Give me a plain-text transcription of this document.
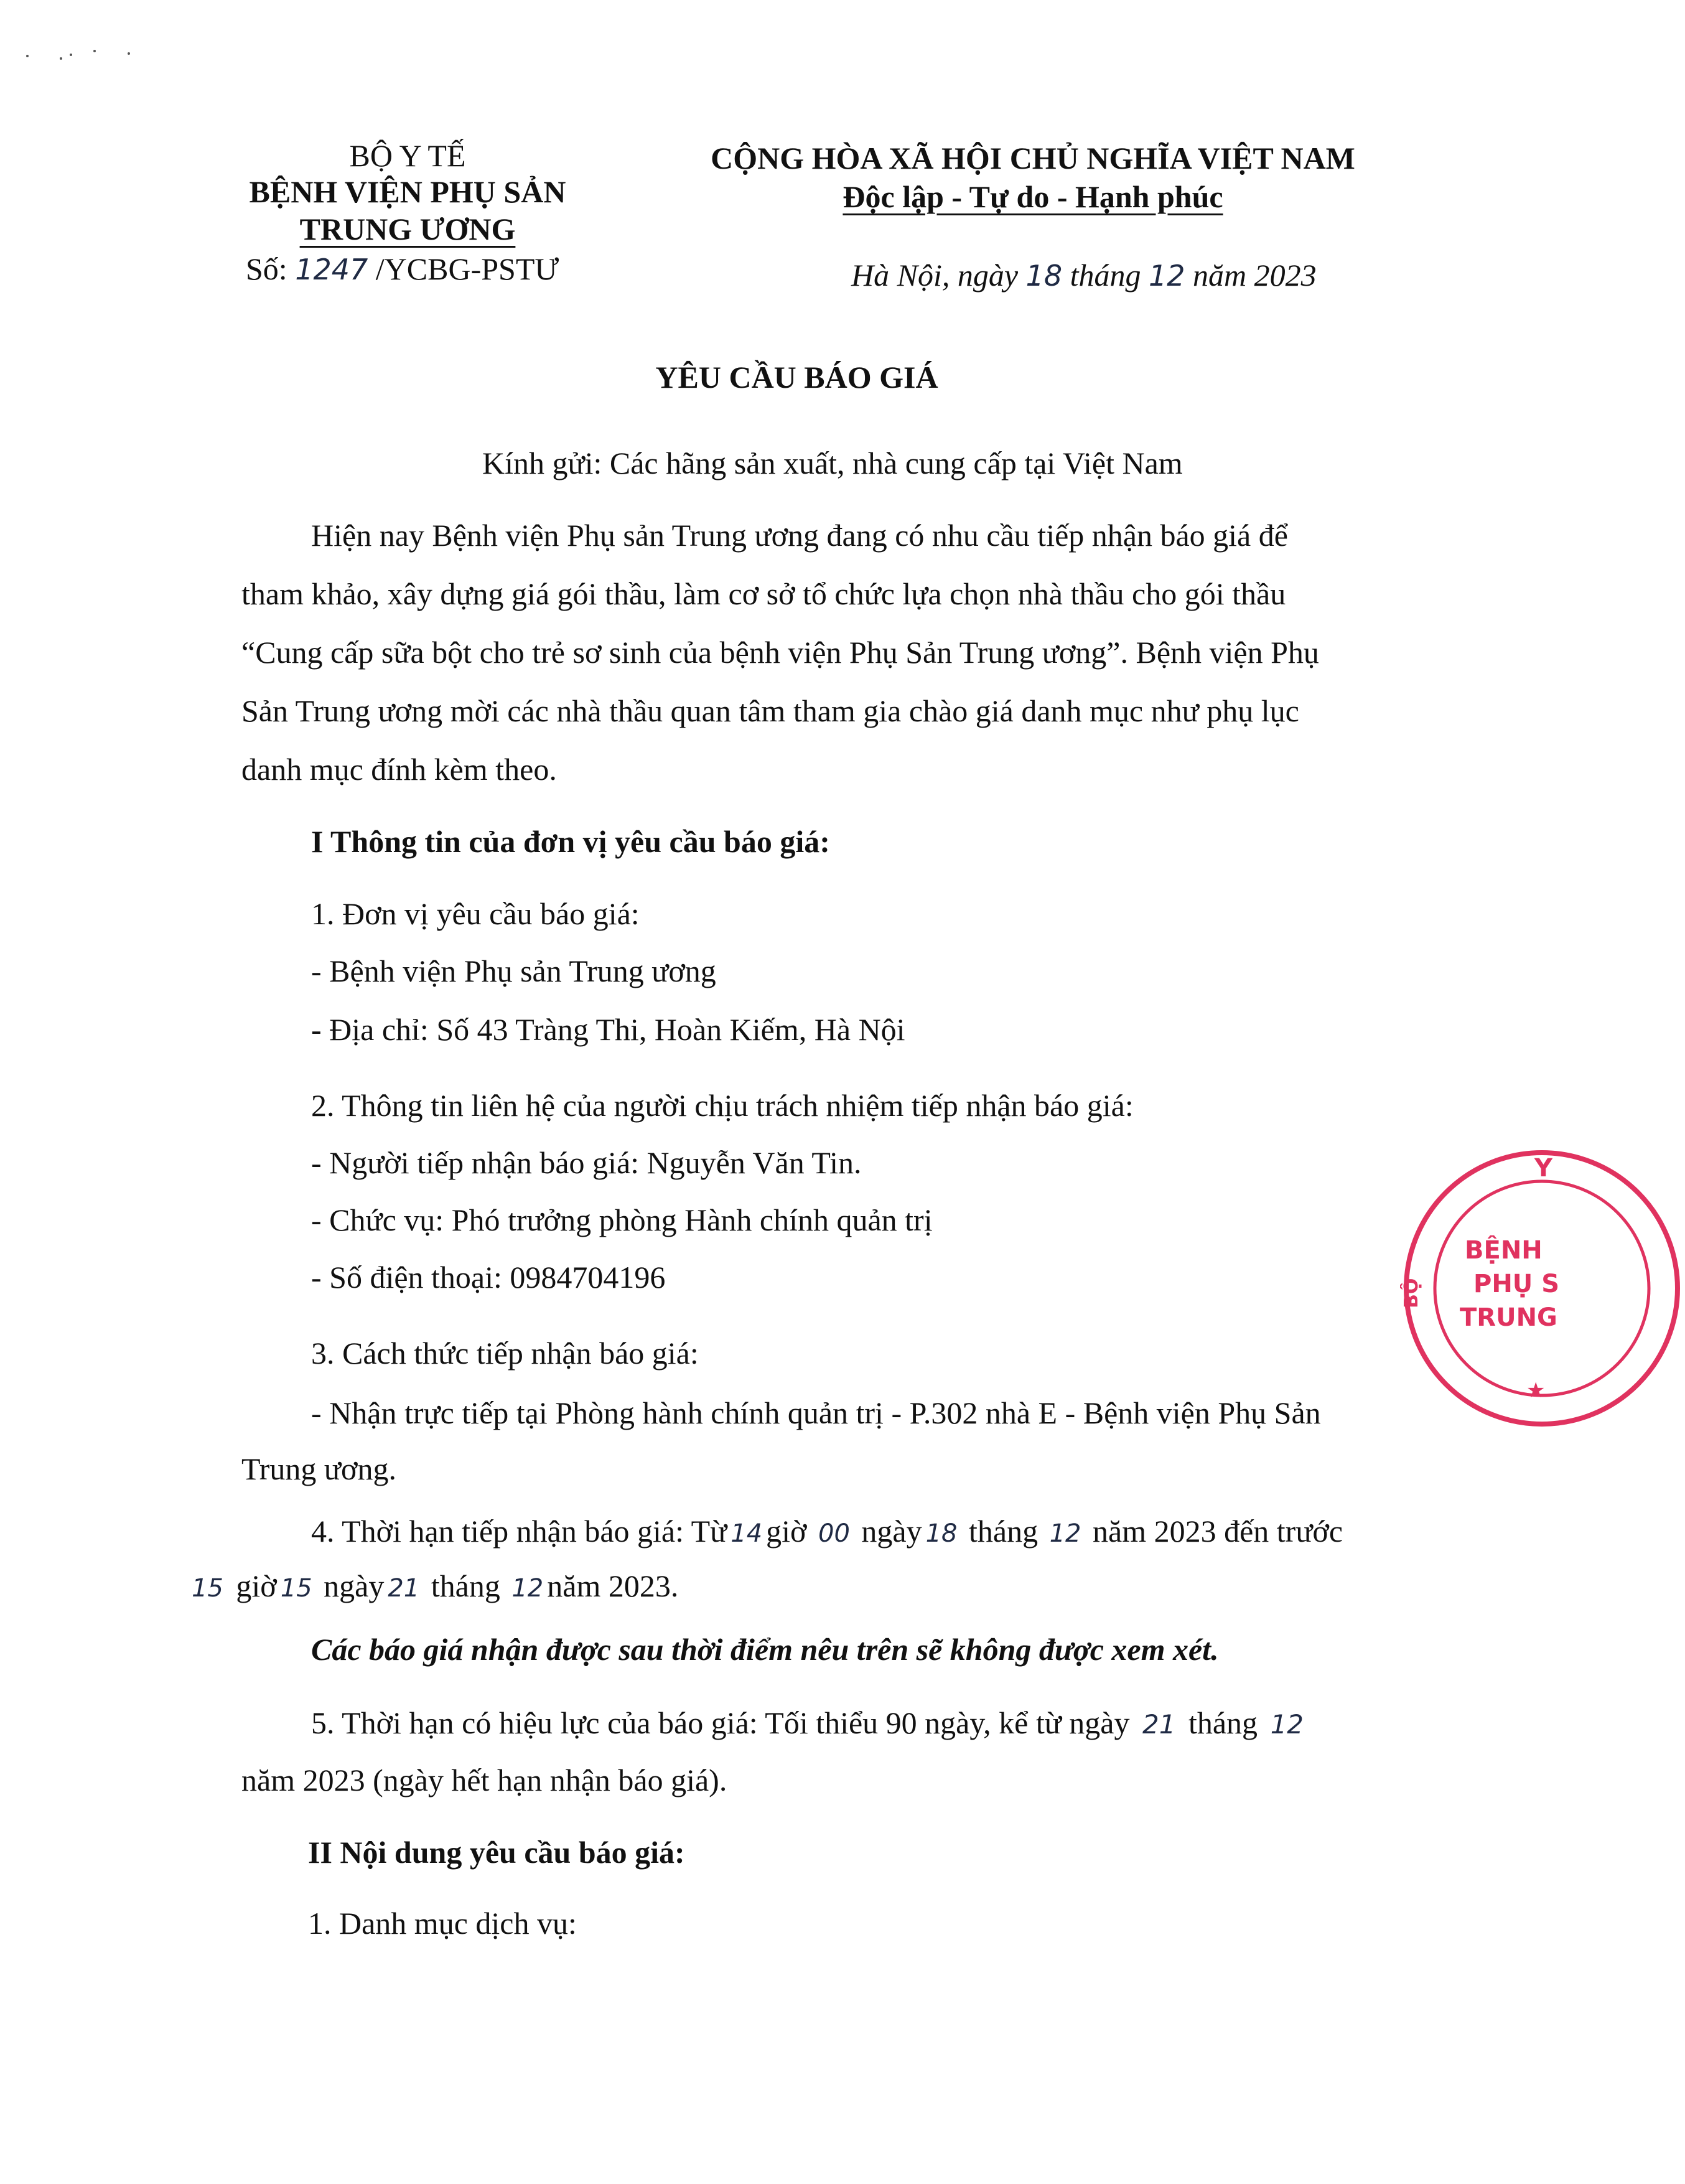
BỘ Y TẾ
BỆNH VIỆN PHỤ SẢN
TRUNG ƯƠNG
Số: 1247 /YCBG-PSTƯ
CỘNG HÒA XÃ HỘI CHỦ NGHĨA VIỆT NAM
Độc lập - Tự do - Hạnh phúc
Hà Nội, ngày 18 tháng 12 năm 2023
YÊU CẦU BÁO GIÁ
Kính gửi: Các hãng sản xuất, nhà cung cấp tại Việt Nam
Hiện nay Bệnh viện Phụ sản Trung ương đang có nhu cầu tiếp nhận báo giá để
tham khảo, xây dựng giá gói thầu, làm cơ sở tổ chức lựa chọn nhà thầu cho gói thầu
“Cung cấp sữa bột cho trẻ sơ sinh của bệnh viện Phụ Sản Trung ương”. Bệnh viện Phụ
Sản Trung ương mời các nhà thầu quan tâm tham gia chào giá danh mục như phụ lục
danh mục đính kèm theo.
I Thông tin của đơn vị yêu cầu báo giá:
1. Đơn vị yêu cầu báo giá:
- Bệnh viện Phụ sản Trung ương
- Địa chỉ: Số 43 Tràng Thi, Hoàn Kiếm, Hà Nội
2. Thông tin liên hệ của người chịu trách nhiệm tiếp nhận báo giá:
- Người tiếp nhận báo giá: Nguyễn Văn Tin.
- Chức vụ: Phó trưởng phòng Hành chính quản trị
- Số điện thoại: 0984704196
3. Cách thức tiếp nhận báo giá:
- Nhận trực tiếp tại Phòng hành chính quản trị - P.302 nhà E - Bệnh viện Phụ Sản
Trung ương.
4. Thời hạn tiếp nhận báo giá: Từ 14 giờ 00 ngày 18 tháng 12 năm 2023 đến trước
15 giờ 15 ngày 21 tháng 12 năm 2023.
Các báo giá nhận được sau thời điểm nêu trên sẽ không được xem xét.
5. Thời hạn có hiệu lực của báo giá: Tối thiểu 90 ngày, kể từ ngày 21 tháng 12
năm 2023 (ngày hết hạn nhận báo giá).
II Nội dung yêu cầu báo giá:
1. Danh mục dịch vụ:
Y
BỘ
BỆNH
PHỤ S
TRUNG
★
